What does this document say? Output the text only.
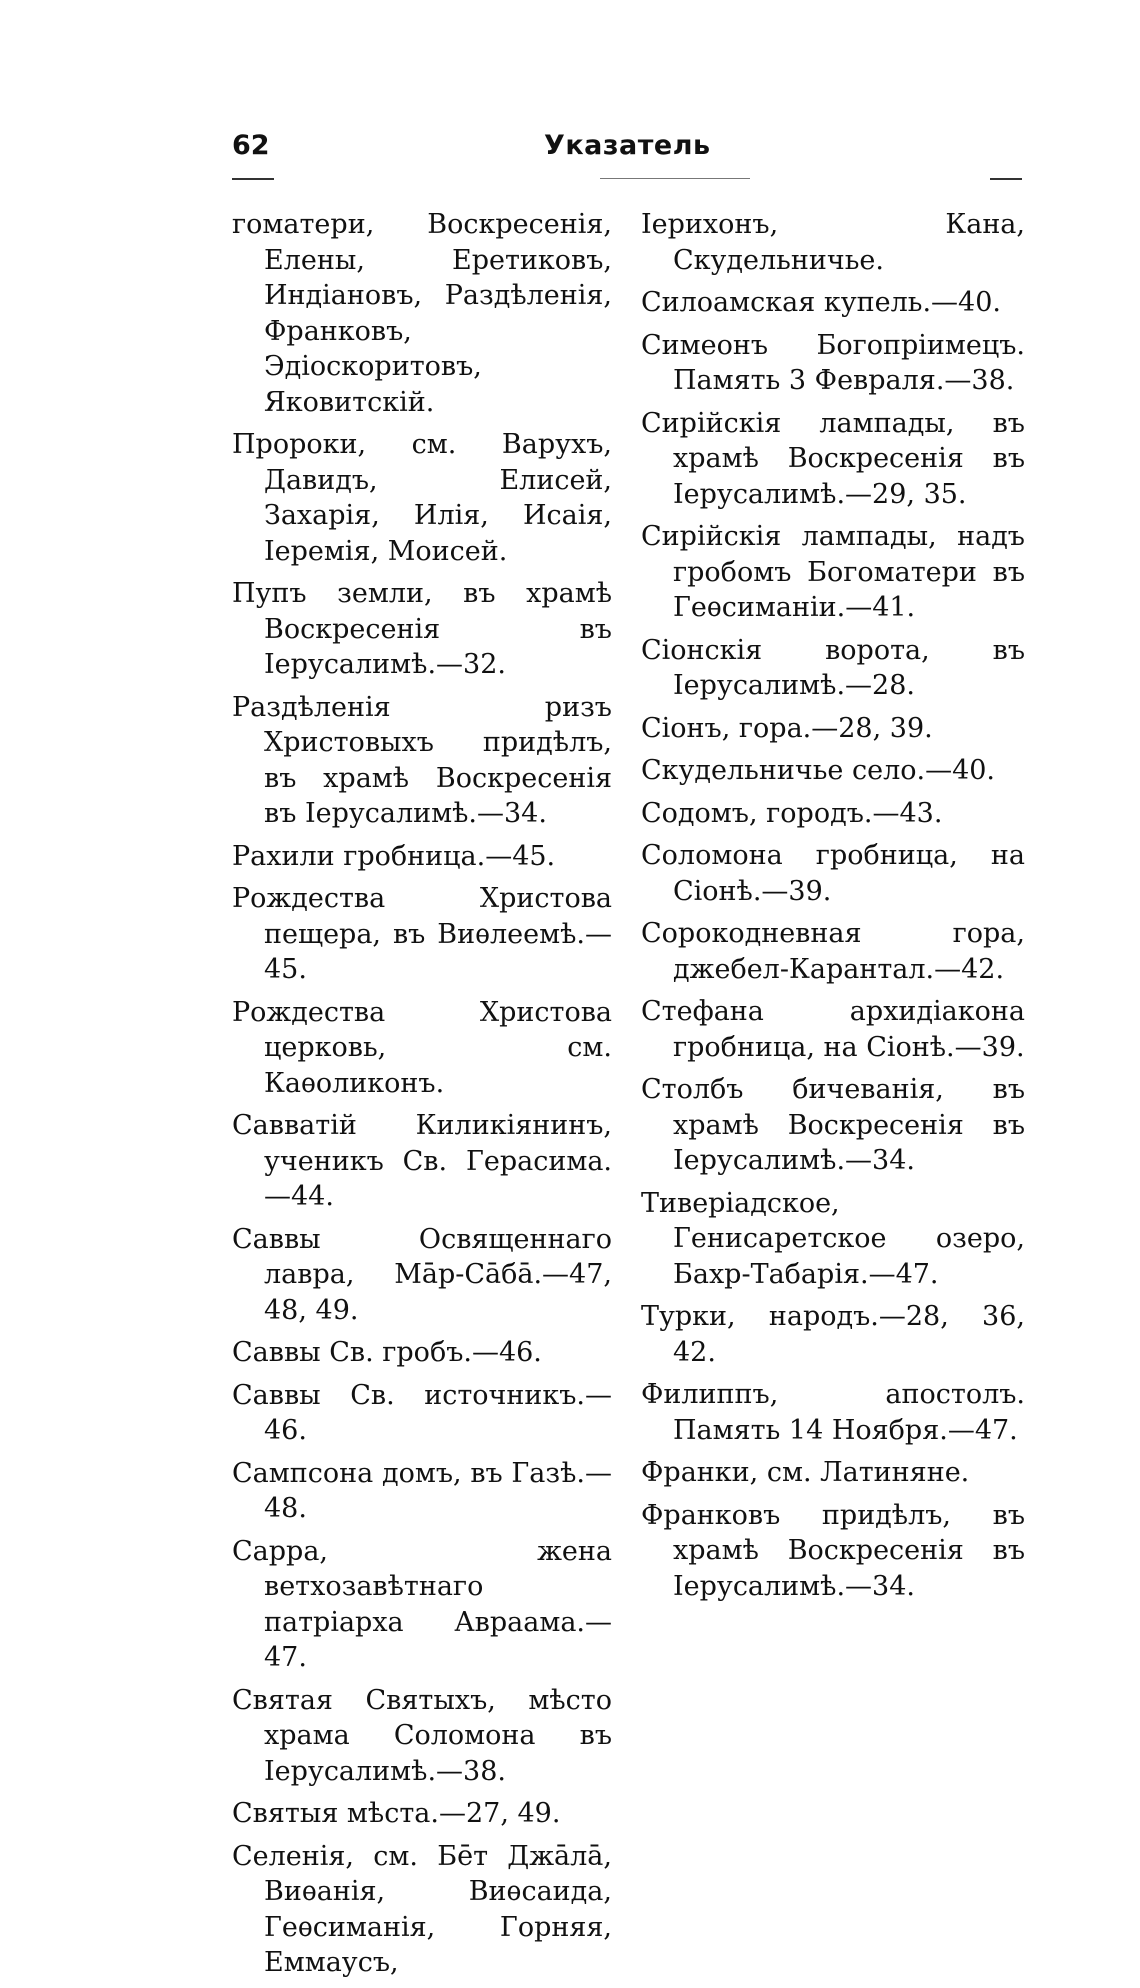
62	Указатель
гоматери, Воскресенія, Елены, Еретиковъ, Индіановъ, Раздѣленія, Франковъ, Эдіоскоритовъ, Яковитскій.
Пророки, см. Варухъ, Давидъ, Елисей, Захарія, Илія, Исаія, Іеремія, Моисей.
Пупъ земли, въ храмѣ Воскресенія въ Іерусалимѣ.—32.
Раздѣленія ризъ Христовыхъ придѣлъ, въ храмѣ Воскресенія въ Іерусалимѣ.—34.
Рахили гробница.—45.
Рождества Христова пещера, въ Виѳлеемѣ.—45.
Рождества Христова церковь, см. Каѳоликонъ.
Савватій Киликіянинъ, ученикъ Св. Герасима.—44.
Саввы Освященнаго лавра, Мāр-Сāбā.—47, 48, 49.
Саввы Св. гробъ.—46.
Саввы Св. источникъ.—46.
Сампсона домъ, въ Газѣ.—48.
Сарра, жена ветхозавѣтнаго патріарха Авраама.—47.
Святая Святыхъ, мѣсто храма Соломона въ Іерусалимѣ.—38.
Святыя мѣста.—27, 49.
Селенія, см. Бēт Джāлā, Виѳанія, Виѳсаида, Геѳсиманія, Горняя, Еммаусъ,
Іерихонъ, Кана, Скудельничье.
Силоамская купель.—40.
Симеонъ Богопріимецъ. Память 3 Февраля.—38.
Сирійскія лампады, въ храмѣ Воскресенія въ Іерусалимѣ.—29, 35.
Сирійскія лампады, надъ гробомъ Богоматери въ Геѳсиманіи.—41.
Сіонскія ворота, въ Іерусалимѣ.—28.
Сіонъ, гора.—28, 39.
Скудельничье село.—40.
Содомъ, городъ.—43.
Соломона гробница, на Сіонѣ.—39.
Сорокодневная гора, джебел-Карантал.—42.
Стефана архидіакона гробница, на Сіонѣ.—39.
Столбъ бичеванія, въ храмѣ Воскресенія въ Іерусалимѣ.—34.
Тиверіадское, Генисаретское озеро, Бахр-Табарія.—47.
Турки, народъ.—28, 36, 42.
Филиппъ, апостолъ. Память 14 Ноября.—47.
Франки, см. Латиняне.
Франковъ придѣлъ, въ храмѣ Воскресенія въ Іерусалимѣ.—34.
